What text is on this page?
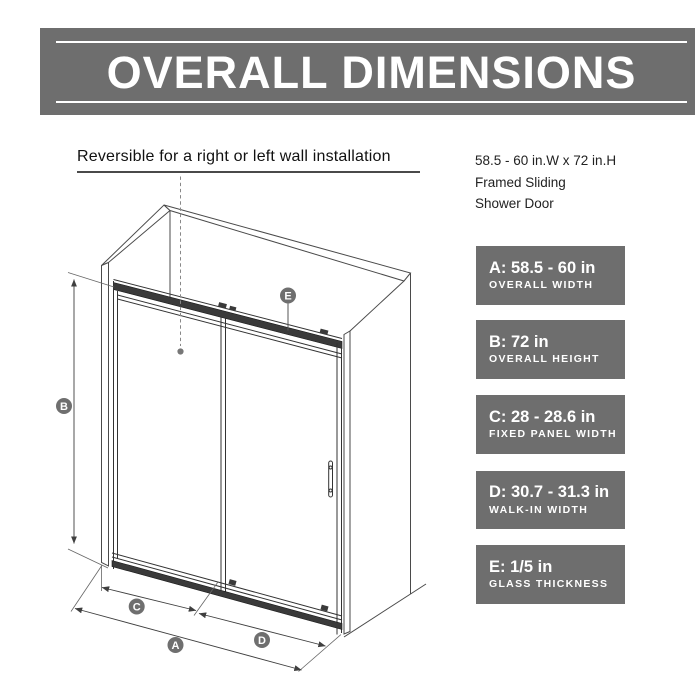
OVERALL DIMENSIONS
Reversible for a right or left wall installation	58.5 - 60 in.W x 72 in.H
Framed Sliding
Shower Door
A: 58.5 - 60 in
OVERALL WIDTH
B: 72 in
OVERALL HEIGHT
C: 28 - 28.6 in
FIXED PANEL WIDTH
D: 30.7 - 31.3 in
WALK-IN WIDTH
E: 1/5 in
GLASS THICKNESS
B
E
C
A	D
